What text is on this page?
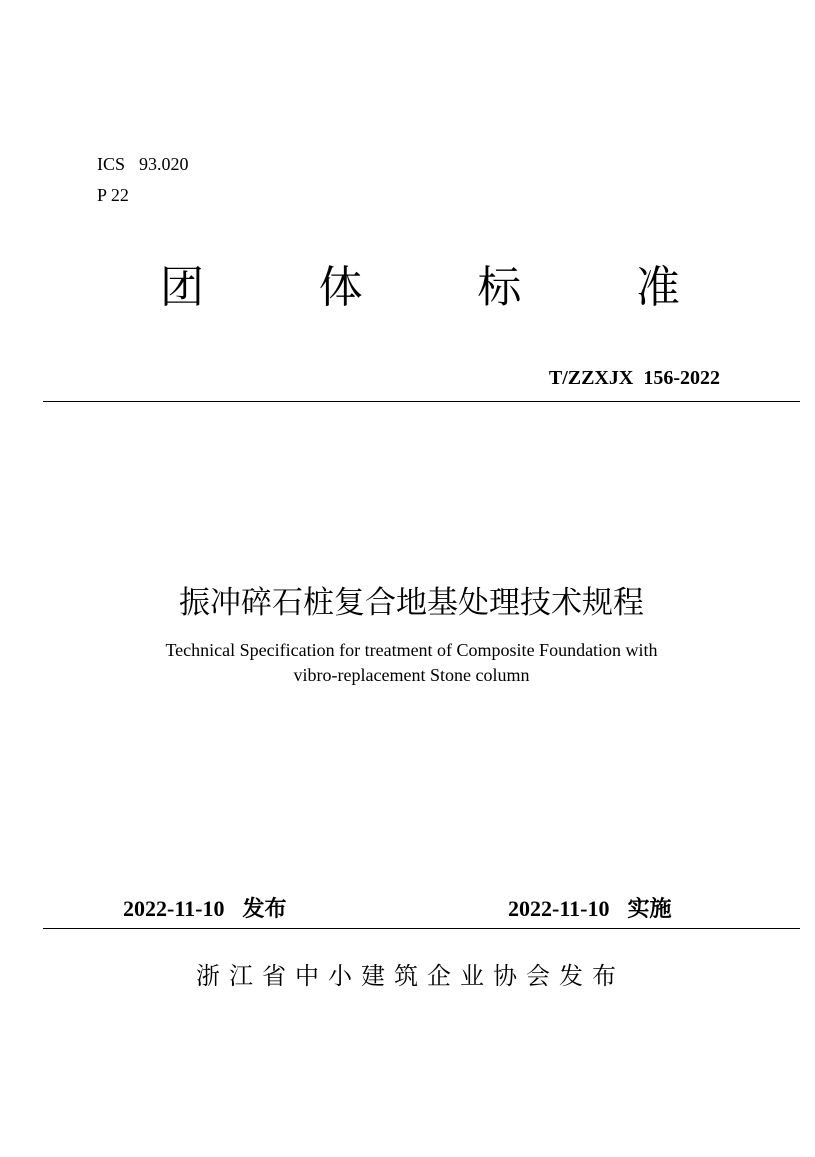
ICS 93.020
P 22
团	体	标	准
T/ZZXJX 156-2022
振冲碎石桩复合地基处理技术规程
Technical Specification for treatment of Composite Foundation with
vibro-replacement Stone column
2022-11-10 发布	2022-11-10 实施
浙江省中小建筑企业协会发布
